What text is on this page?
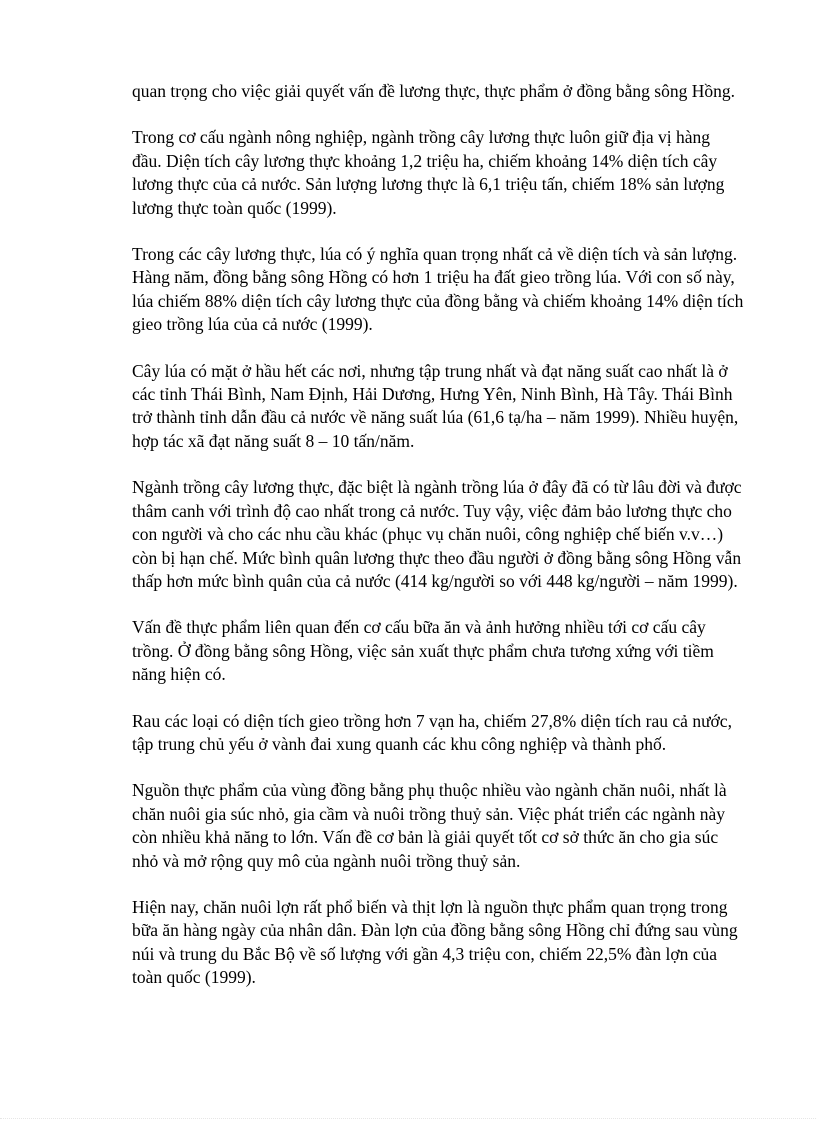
quan trọng cho việc giải quyết vấn đề lương thực, thực phẩm ở đồng bằng sông Hồng.

Trong cơ cấu ngành nông nghiệp, ngành trồng cây lương thực luôn giữ địa vị hàng đầu. Diện tích cây lương thực khoảng 1,2 triệu ha, chiếm khoảng 14% diện tích cây lương thực của cả nước. Sản lượng lương thực là 6,1 triệu tấn, chiếm 18% sản lượng lương thực toàn quốc (1999).

Trong các cây lương thực, lúa có ý nghĩa quan trọng nhất cả về diện tích và sản lượng. Hàng năm, đồng bằng sông Hồng có hơn 1 triệu ha đất gieo trồng lúa. Với con số này, lúa chiếm 88% diện tích cây lương thực của đồng bằng và chiếm khoảng 14% diện tích gieo trồng lúa của cả nước (1999).

Cây lúa có mặt ở hầu hết các nơi, nhưng tập trung nhất và đạt năng suất cao nhất là ở các tỉnh Thái Bình, Nam Định, Hải Dương, Hưng Yên, Ninh Bình, Hà Tây. Thái Bình trở thành tỉnh dẫn đầu cả nước về năng suất lúa (61,6 tạ/ha – năm 1999). Nhiều huyện, hợp tác xã đạt năng suất 8 – 10 tấn/năm.

Ngành trồng cây lương thực, đặc biệt là ngành trồng lúa ở đây đã có từ lâu đời và được thâm canh với trình độ cao nhất trong cả nước. Tuy vậy, việc đảm bảo lương thực cho con người và cho các nhu cầu khác (phục vụ chăn nuôi, công nghiệp chế biến v.v…) còn bị hạn chế. Mức bình quân lương thực theo đầu người ở đồng bằng sông Hồng vẫn thấp hơn mức bình quân của cả nước (414 kg/người so với 448 kg/người – năm 1999).

Vấn đề thực phẩm liên quan đến cơ cấu bữa ăn và ảnh hưởng nhiều tới cơ cấu cây trồng. Ở đồng bằng sông Hồng, việc sản xuất thực phẩm chưa tương xứng với tiềm năng hiện có.

Rau các loại có diện tích gieo trồng hơn 7 vạn ha, chiếm 27,8% diện tích rau cả nước, tập trung chủ yếu ở vành đai xung quanh các khu công nghiệp và thành phố.

Nguồn thực phẩm của vùng đồng bằng phụ thuộc nhiều vào ngành chăn nuôi, nhất là chăn nuôi gia súc nhỏ, gia cầm và nuôi trồng thuỷ sản. Việc phát triển các ngành này còn nhiều khả năng to lớn. Vấn đề cơ bản là giải quyết tốt cơ sở thức ăn cho gia súc nhỏ và mở rộng quy mô của ngành nuôi trồng thuỷ sản.

Hiện nay, chăn nuôi lợn rất phổ biến và thịt lợn là nguồn thực phẩm quan trọng trong bữa ăn hàng ngày của nhân dân. Đàn lợn của đồng bằng sông Hồng chỉ đứng sau vùng núi và trung du Bắc Bộ về số lượng với gần 4,3 triệu con, chiếm 22,5% đàn lợn của toàn quốc (1999).
